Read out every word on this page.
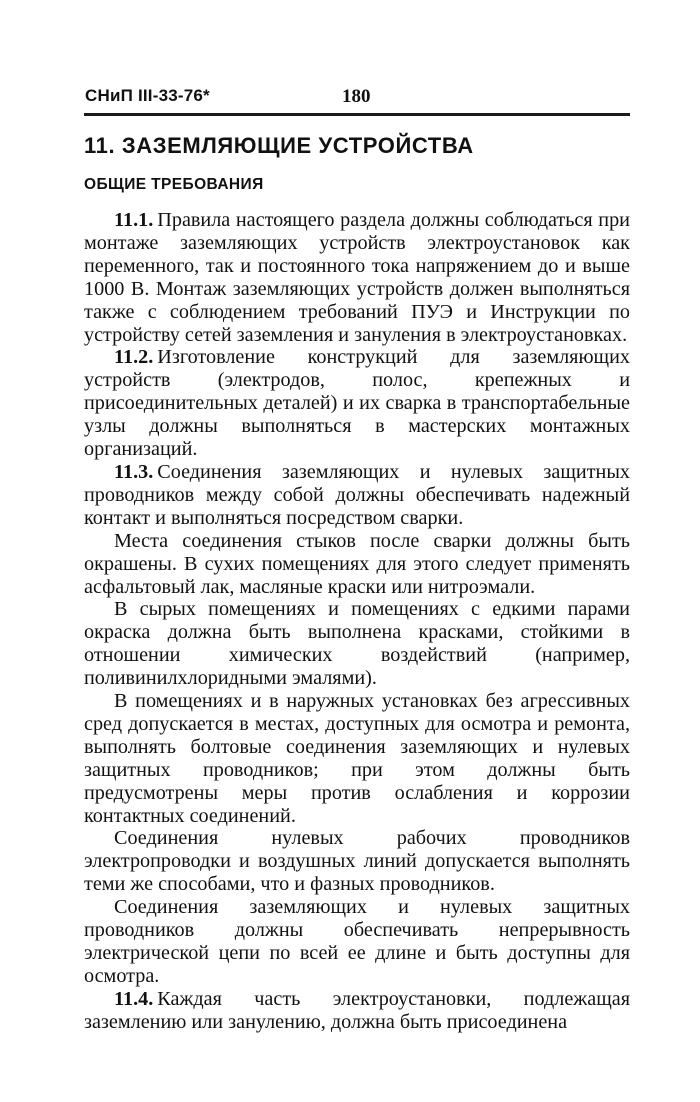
СНиП III-33-76*	180
11. ЗАЗЕМЛЯЮЩИЕ УСТРОЙСТВА
ОБЩИЕ ТРЕБОВАНИЯ

11.1. Правила настоящего раздела должны соблюдаться при монтаже заземляющих устройств электроустановок как переменного, так и постоянного тока напряжением до и выше 1000 В. Монтаж заземляющих устройств должен выполняться также с соблюдением требований ПУЭ и Инструкции по устройству сетей заземления и зануления в электроустановках.

11.2. Изготовление конструкций для заземляющих устройств (электродов, полос, крепежных и присоединительных деталей) и их сварка в транспортабельные узлы должны выполняться в мастерских монтажных организаций.

11.3. Соединения заземляющих и нулевых защитных проводников между собой должны обеспечивать надежный контакт и выполняться посредством сварки.

Места соединения стыков после сварки должны быть окрашены. В сухих помещениях для этого следует применять асфальтовый лак, масляные краски или нитроэмали.

В сырых помещениях и помещениях с едкими парами окраска должна быть выполнена красками, стойкими в отношении химических воздействий (например, поливинилхлоридными эмалями).

В помещениях и в наружных установках без агрессивных сред допускается в местах, доступных для осмотра и ремонта, выполнять болтовые соединения заземляющих и нулевых защитных проводников; при этом должны быть предусмотрены меры против ослабления и коррозии контактных соединений.

Соединения нулевых рабочих проводников электропроводки и воздушных линий допускается выполнять теми же способами, что и фазных проводников.

Соединения заземляющих и нулевых защитных проводников должны обеспечивать непрерывность электрической цепи по всей ее длине и быть доступны для осмотра.

11.4. Каждая часть электроустановки, подлежащая заземлению или занулению, должна быть присоединена
